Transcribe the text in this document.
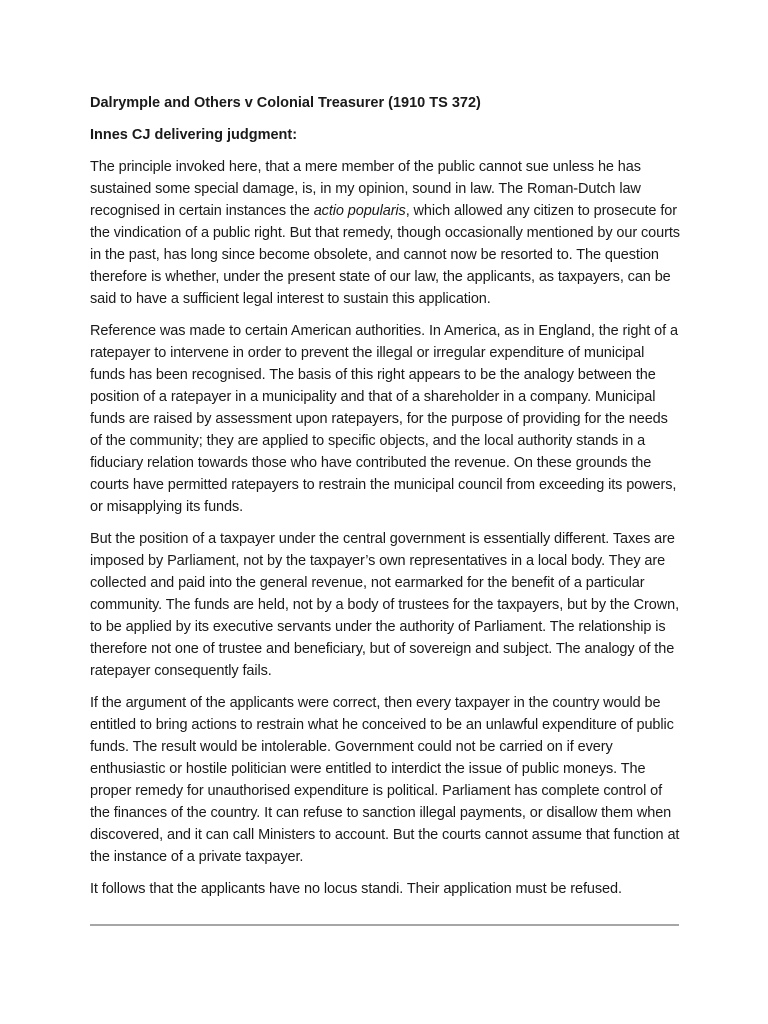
Dalrymple and Others v Colonial Treasurer (1910 TS 372)

Innes CJ delivering judgment:

The principle invoked here, that a mere member of the public cannot sue unless he has sustained some special damage, is, in my opinion, sound in law. The Roman-Dutch law recognised in certain instances the actio popularis, which allowed any citizen to prosecute for the vindication of a public right. But that remedy, though occasionally mentioned by our courts in the past, has long since become obsolete, and cannot now be resorted to. The question therefore is whether, under the present state of our law, the applicants, as taxpayers, can be said to have a sufficient legal interest to sustain this application.

Reference was made to certain American authorities. In America, as in England, the right of a ratepayer to intervene in order to prevent the illegal or irregular expenditure of municipal funds has been recognised. The basis of this right appears to be the analogy between the position of a ratepayer in a municipality and that of a shareholder in a company. Municipal funds are raised by assessment upon ratepayers, for the purpose of providing for the needs of the community; they are applied to specific objects, and the local authority stands in a fiduciary relation towards those who have contributed the revenue. On these grounds the courts have permitted ratepayers to restrain the municipal council from exceeding its powers, or misapplying its funds.

But the position of a taxpayer under the central government is essentially different. Taxes are imposed by Parliament, not by the taxpayer’s own representatives in a local body. They are collected and paid into the general revenue, not earmarked for the benefit of a particular community. The funds are held, not by a body of trustees for the taxpayers, but by the Crown, to be applied by its executive servants under the authority of Parliament. The relationship is therefore not one of trustee and beneficiary, but of sovereign and subject. The analogy of the ratepayer consequently fails.

If the argument of the applicants were correct, then every taxpayer in the country would be entitled to bring actions to restrain what he conceived to be an unlawful expenditure of public funds. The result would be intolerable. Government could not be carried on if every enthusiastic or hostile politician were entitled to interdict the issue of public moneys. The proper remedy for unauthorised expenditure is political. Parliament has complete control of the finances of the country. It can refuse to sanction illegal payments, or disallow them when discovered, and it can call Ministers to account. But the courts cannot assume that function at the instance of a private taxpayer.

It follows that the applicants have no locus standi. Their application must be refused.
